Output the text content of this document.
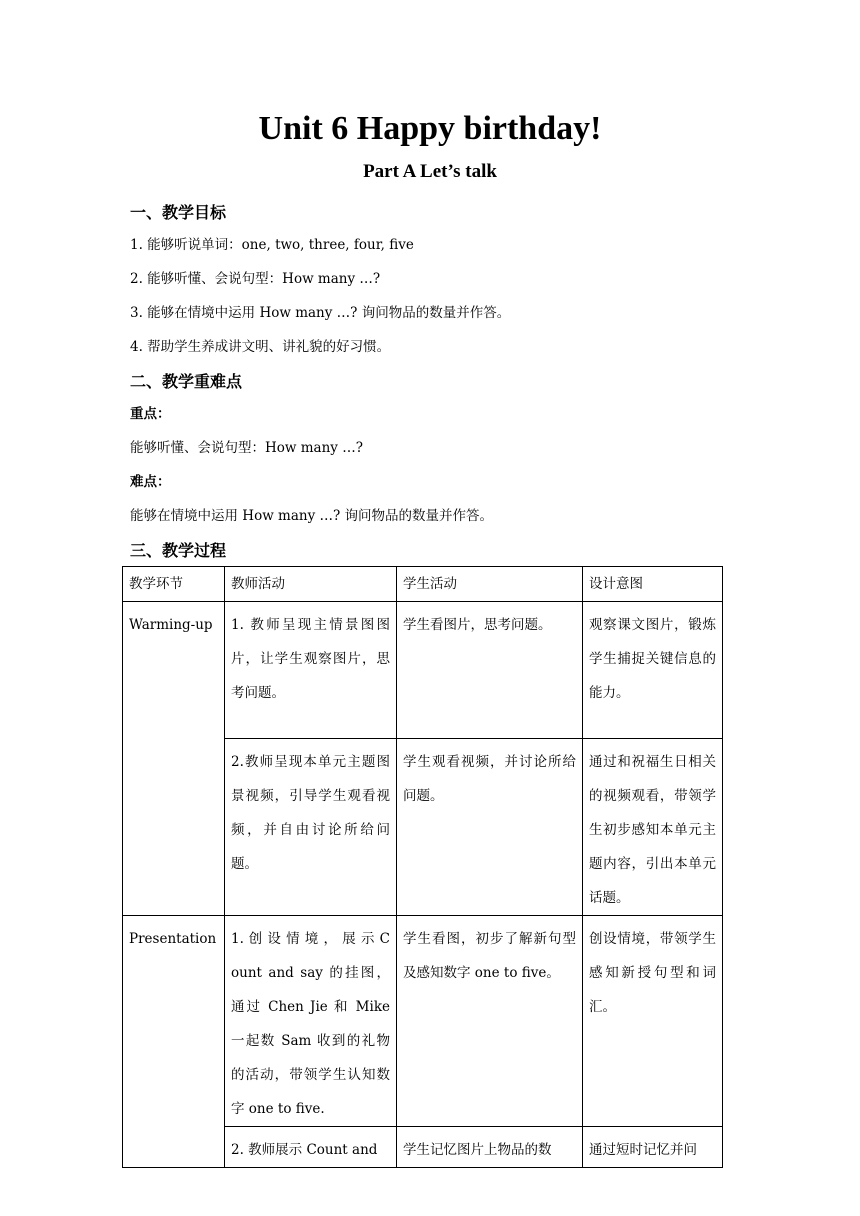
Unit 6 Happy birthday!
Part A Let’s talk
一、教学目标
1. 能够听说单词：one, two, three, four, five
2. 能够听懂、会说句型：How many …?
3. 能够在情境中运用 How many …? 询问物品的数量并作答。
4. 帮助学生养成讲文明、讲礼貌的好习惯。
二、教学重难点
重点：
能够听懂、会说句型：How many …?
难点：
能够在情境中运用 How many …? 询问物品的数量并作答。
三、教学过程
教学环节	教师活动	学生活动	设计意图
Warming-up	1. 教师呈现主情景图图片，让学生观察图片，思考问题。	学生看图片，思考问题。	观察课文图片，锻炼学生捕捉关键信息的能力。
	2.教师呈现本单元主题图景视频，引导学生观看视频，并自由讨论所给问题。	学生观看视频，并讨论所给问题。	通过和祝福生日相关的视频观看，带领学生初步感知本单元主题内容，引出本单元话题。
Presentation	1. 创 设 情 境 ， 展 示 Count and say 的挂图，通过 Chen Jie 和 Mike 一起数 Sam 收到的礼物的活动，带领学生认知数字 one to five.	学生看图，初步了解新句型及感知数字 one to five。	创设情境，带领学生感知新授句型和词汇。
	2. 教师展示 Count and	学生记忆图片上物品的数	通过短时记忆并问
